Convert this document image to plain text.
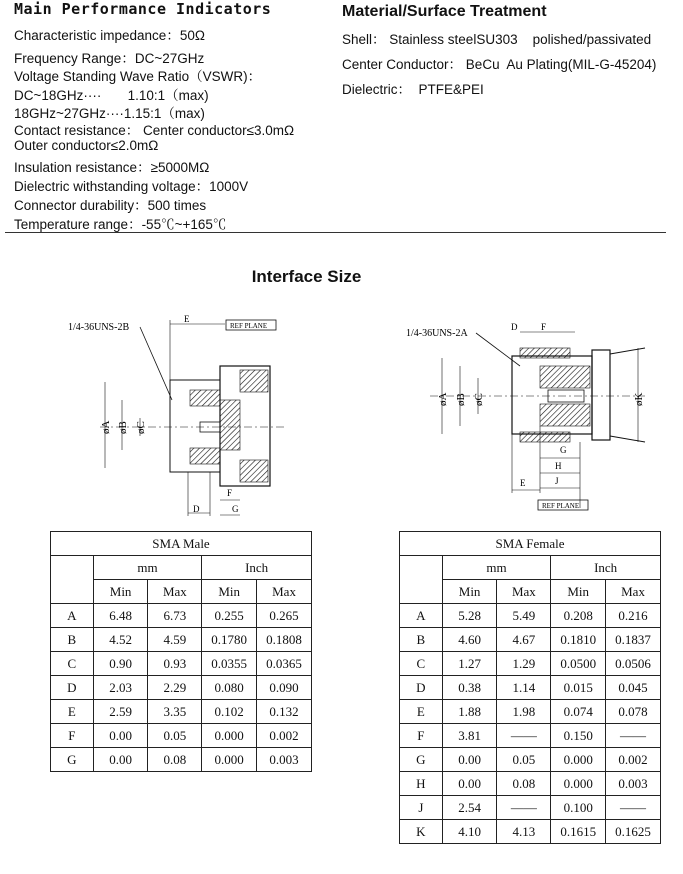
Main Performance Indicators	Material/Surface Treatment
Characteristic impedance：50Ω
Frequency Range：DC~27GHz
Voltage Standing Wave Ratio（VSWR)：
DC~18GHz····       1.10:1（max)
18GHz~27GHz····1.15:1（max)
Contact resistance： Center conductor≤3.0mΩ
Outer conductor≤2.0mΩ
Insulation resistance：≥5000MΩ
Dielectric withstanding voltage：1000V
Connector durability：500 times
Temperature range：-55℃~+165℃
Shell： Stainless steelSU303    polished/passivated
Center Conductor： BeCu  Au Plating(MIL-G-45204)
Dielectric：  PTFE&PEI
Interface Size
1/4-36UNS-2B	REF PLANE
E
øA øB øC
F
D	G
1/4-36UNS-2A
D	F
øA øB øC	øK
G
H
J
E
REF PLANE
SMA Male				
	mm		Inch	
	Min	Max	Min	Max
A	6.48	6.73	0.255	0.265
B	4.52	4.59	0.1780	0.1808
C	0.90	0.93	0.0355	0.0365
D	2.03	2.29	0.080	0.090
E	2.59	3.35	0.102	0.132
F	0.00	0.05	0.000	0.002
G	0.00	0.08	0.000	0.003
SMA Female				
	mm		Inch	
	Min	Max	Min	Max
A	5.28	5.49	0.208	0.216
B	4.60	4.67	0.1810	0.1837
C	1.27	1.29	0.0500	0.0506
D	0.38	1.14	0.015	0.045
E	1.88	1.98	0.074	0.078
F	3.81	——	0.150	——
G	0.00	0.05	0.000	0.002
H	0.00	0.08	0.000	0.003
J	2.54	——	0.100	——
K	4.10	4.13	0.1615	0.1625
